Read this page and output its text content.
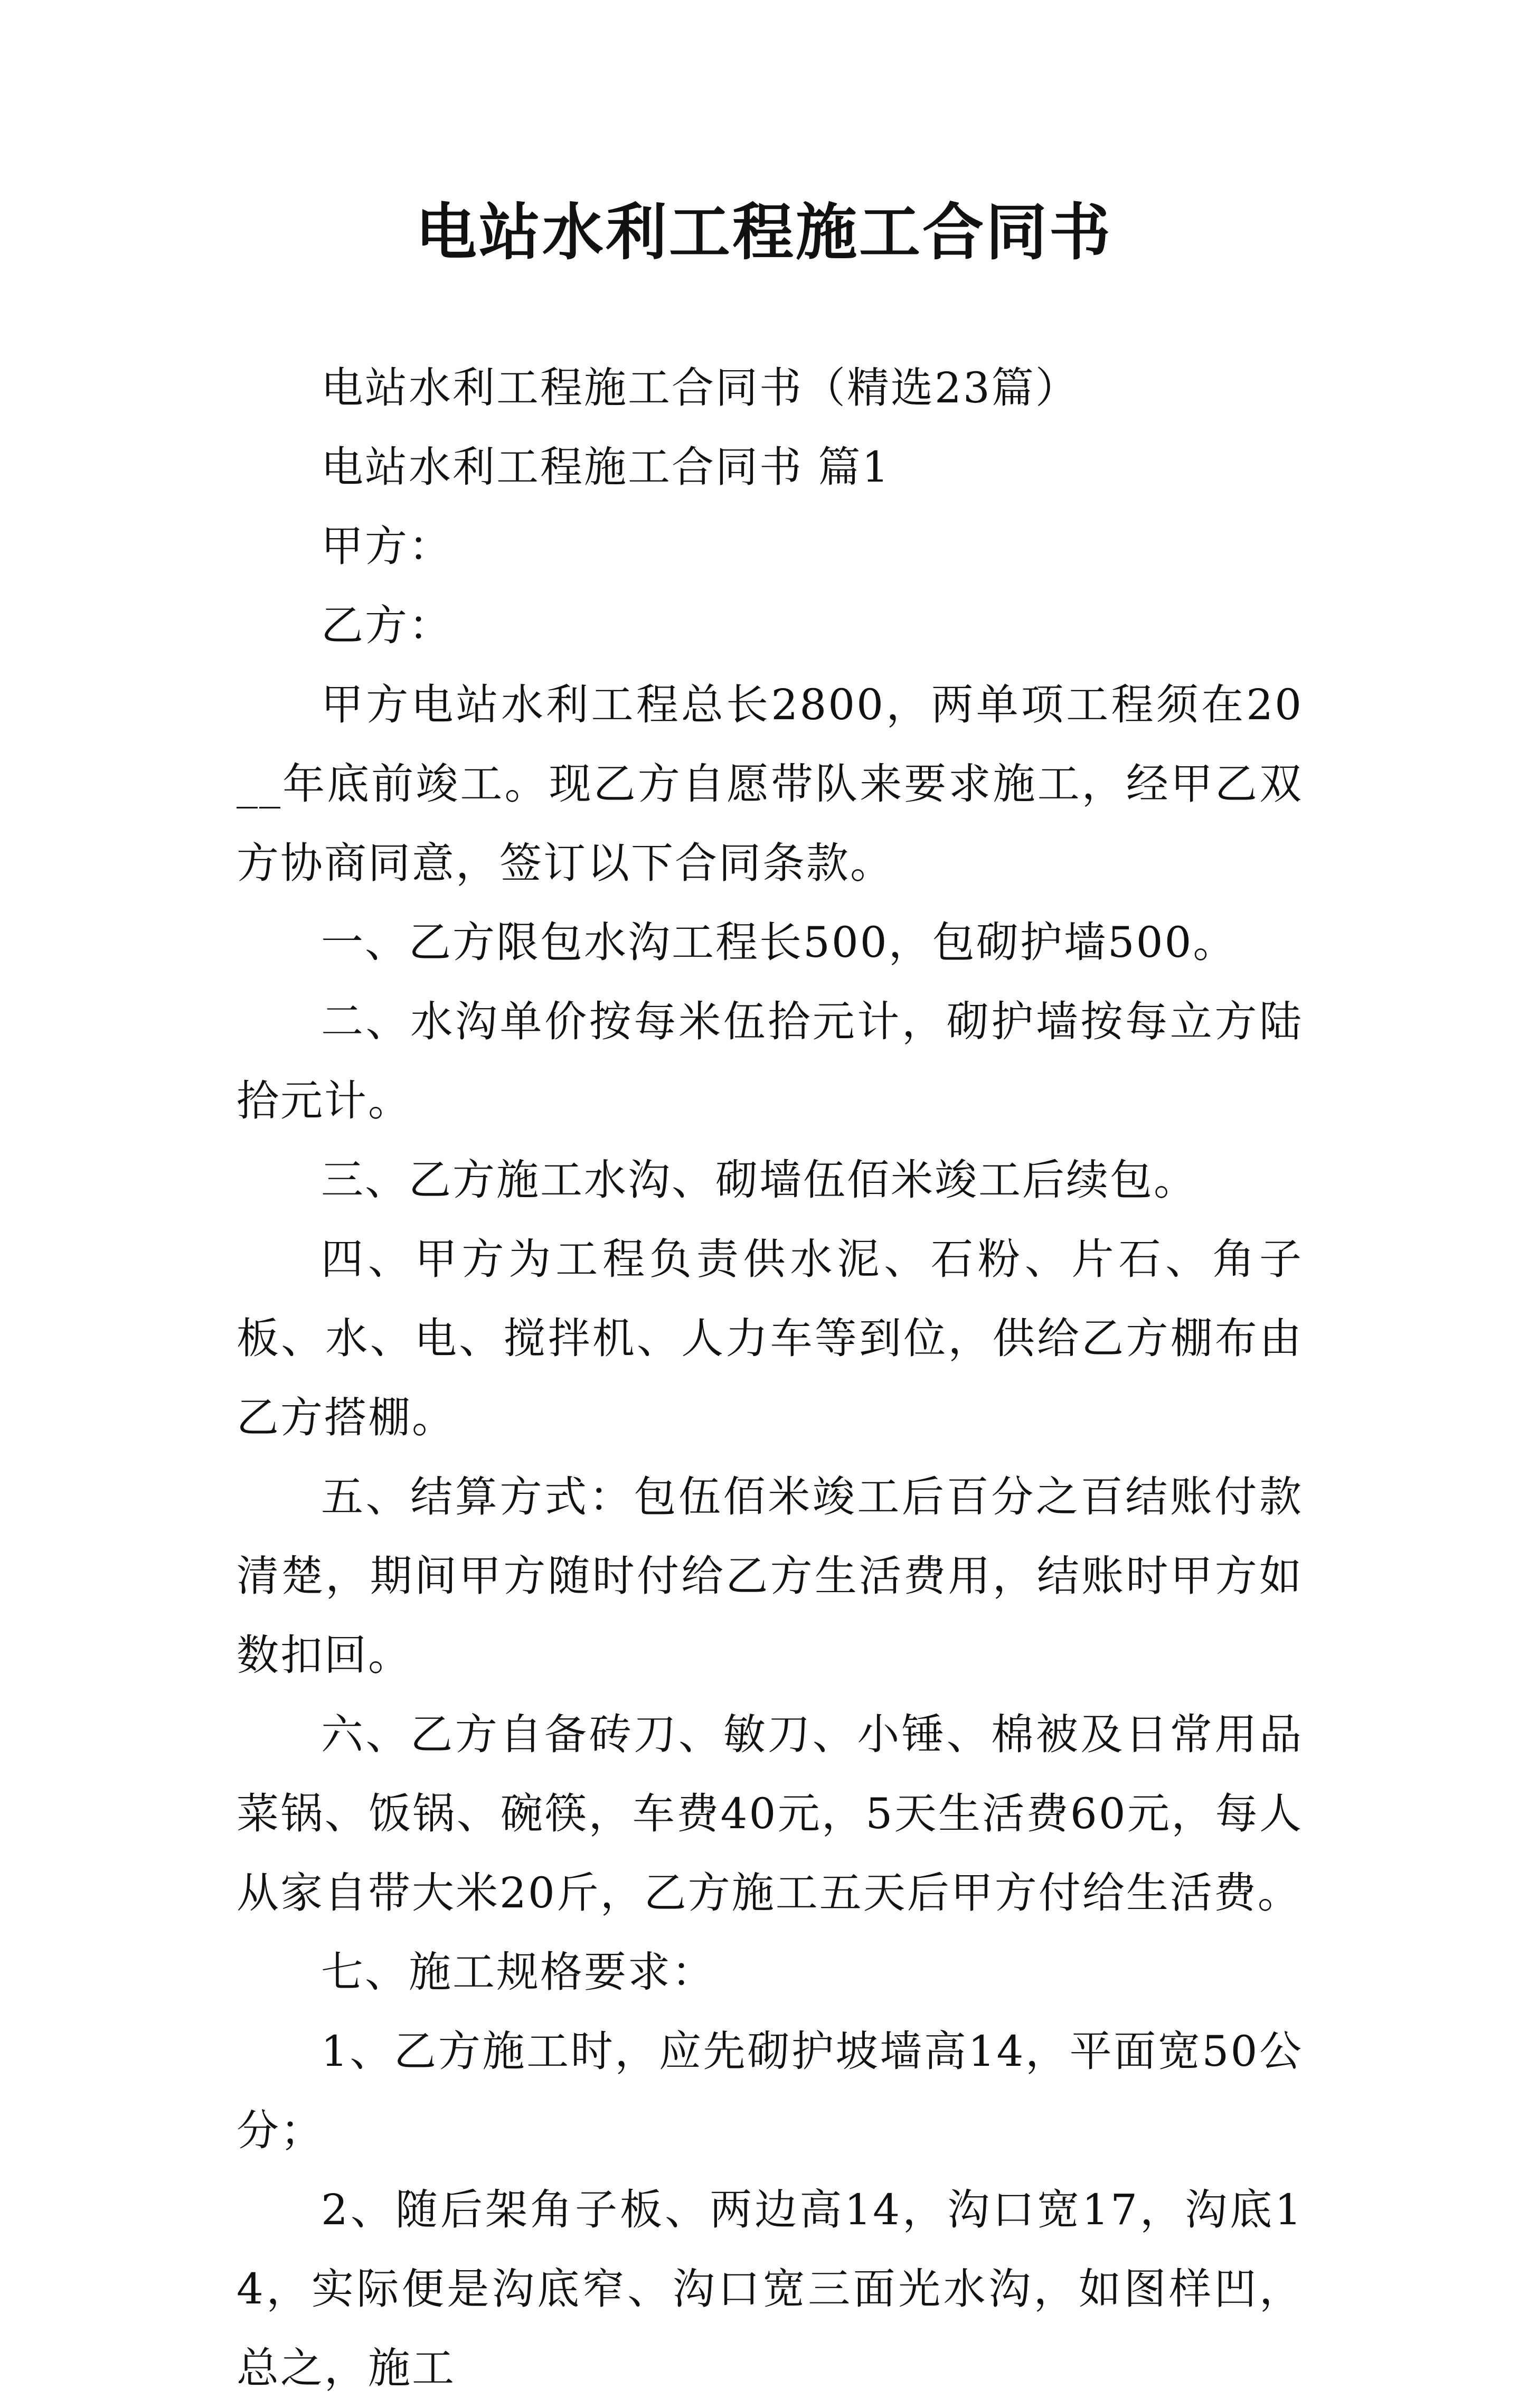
电站水利工程施工合同书

电站水利工程施工合同书（精选23篇）

电站水利工程施工合同书 篇1

甲方：

乙方：

甲方电站水利工程总长2800，两单项工程须在20__年底前竣工。现乙方自愿带队来要求施工，经甲乙双方协商同意，签订以下合同条款。

一、乙方限包水沟工程长500，包砌护墙500。

二、水沟单价按每米伍拾元计，砌护墙按每立方陆拾元计。

三、乙方施工水沟、砌墙伍佰米竣工后续包。

四、甲方为工程负责供水泥、石粉、片石、角子板、水、电、搅拌机、人力车等到位，供给乙方棚布由乙方搭棚。

五、结算方式：包伍佰米竣工后百分之百结账付款清楚，期间甲方随时付给乙方生活费用，结账时甲方如数扣回。

六、乙方自备砖刀、敏刀、小锤、棉被及日常用品菜锅、饭锅、碗筷，车费40元，5天生活费60元，每人从家自带大米20斤，乙方施工五天后甲方付给生活费。

七、施工规格要求：

1、乙方施工时，应先砌护坡墙高14，平面宽50公分；

2、随后架角子板、两边高14，沟口宽17，沟底14，实际便是沟底窄、沟口宽三面光水沟，如图样凹，总之，施工
